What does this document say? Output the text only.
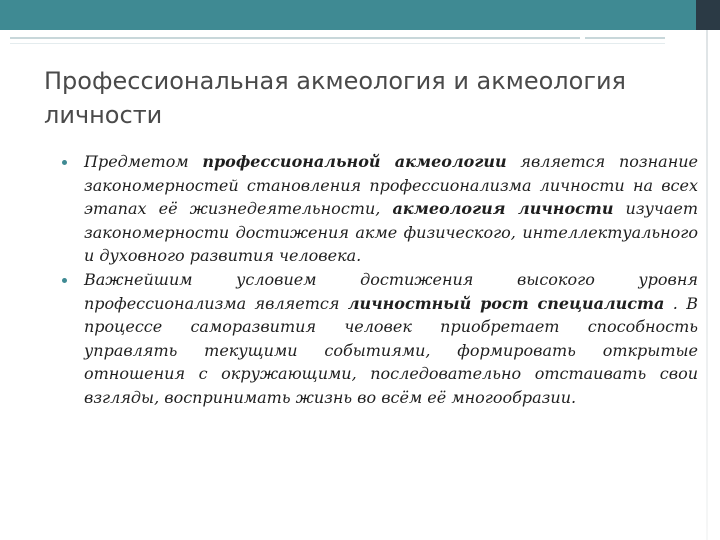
Профессиональная акмеология и акмеология личности
Предметом профессиональной акмеологии является познание закономерностей становления профессионализма личности на всех этапах её жизнедеятельности, акмеология личности изучает закономерности достижения акме физического, интеллектуального и духовного развития человека.
Важнейшим условием достижения высокого уровня профессионализма является личностный рост специалиста . В процессе саморазвития человек приобретает способность управлять текущими событиями, формировать открытые отношения с окружающими, последовательно отстаивать свои взгляды, воспринимать жизнь во всём её многообразии.
